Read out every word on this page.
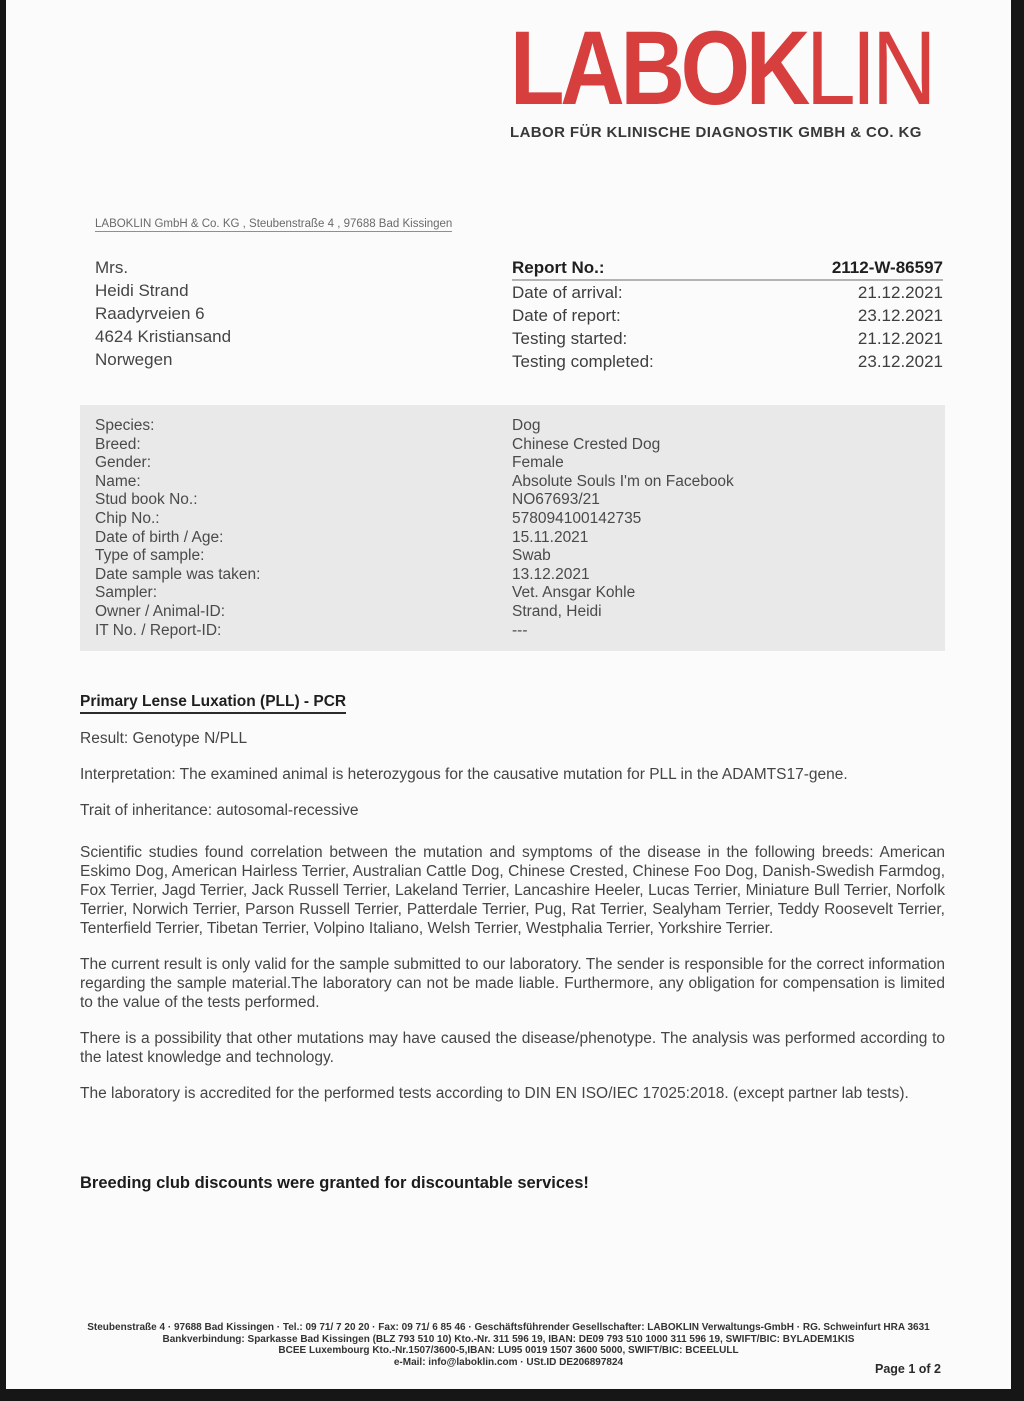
LABOKLIN
LABOR FÜR KLINISCHE DIAGNOSTIK GMBH & CO. KG
LABOKLIN GmbH & Co. KG , Steubenstraße 4 , 97688 Bad Kissingen
Mrs.
Heidi Strand
Raadyrveien 6
4624 Kristiansand
Norwegen
Report No.:	2112-W-86597
Date of arrival:	21.12.2021
Date of report:	23.12.2021
Testing started:	21.12.2021
Testing completed:	23.12.2021
Species:	Dog
Breed:	Chinese Crested Dog
Gender:	Female
Name:	Absolute Souls I'm on Facebook
Stud book No.:	NO67693/21
Chip No.:	578094100142735
Date of birth / Age:	15.11.2021
Type of sample:	Swab
Date sample was taken:	13.12.2021
Sampler:	Vet. Ansgar Kohle
Owner / Animal-ID:	Strand, Heidi
IT No. / Report-ID:	---
Primary Lense Luxation (PLL) - PCR
Result: Genotype N/PLL
Interpretation: The examined animal is heterozygous for the causative mutation for PLL in the ADAMTS17-gene.
Trait of inheritance: autosomal-recessive
Scientific studies found correlation between the mutation and symptoms of the disease in the following breeds: American Eskimo Dog, American Hairless Terrier, Australian Cattle Dog, Chinese Crested, Chinese Foo Dog, Danish-Swedish Farmdog, Fox Terrier, Jagd Terrier, Jack Russell Terrier, Lakeland Terrier, Lancashire Heeler, Lucas Terrier, Miniature Bull Terrier, Norfolk Terrier, Norwich Terrier, Parson Russell Terrier, Patterdale Terrier, Pug, Rat Terrier, Sealyham Terrier, Teddy Roosevelt Terrier, Tenterfield Terrier, Tibetan Terrier, Volpino Italiano, Welsh Terrier, Westphalia Terrier, Yorkshire Terrier.
The current result is only valid for the sample submitted to our laboratory. The sender is responsible for the correct information regarding the sample material.The laboratory can not be made liable. Furthermore, any obligation for compensation is limited to the value of the tests performed.
There is a possibility that other mutations may have caused the disease/phenotype. The analysis was performed according to the latest knowledge and technology.
The laboratory is accredited for the performed tests according to DIN EN ISO/IEC 17025:2018. (except partner lab tests).
Breeding club discounts were granted for discountable services!
Steubenstraße 4 · 97688 Bad Kissingen · Tel.: 09 71/ 7 20 20 · Fax: 09 71/ 6 85 46 · Geschäftsführender Gesellschafter: LABOKLIN Verwaltungs-GmbH · RG. Schweinfurt HRA 3631
Bankverbindung: Sparkasse Bad Kissingen (BLZ 793 510 10) Kto.-Nr. 311 596 19, IBAN: DE09 793 510 1000 311 596 19, SWIFT/BIC: BYLADEM1KIS
BCEE Luxembourg Kto.-Nr.1507/3600-5,IBAN: LU95 0019 1507 3600 5000, SWIFT/BIC: BCEELULL
e-Mail: info@laboklin.com · USt.ID DE206897824	Page 1 of 2
